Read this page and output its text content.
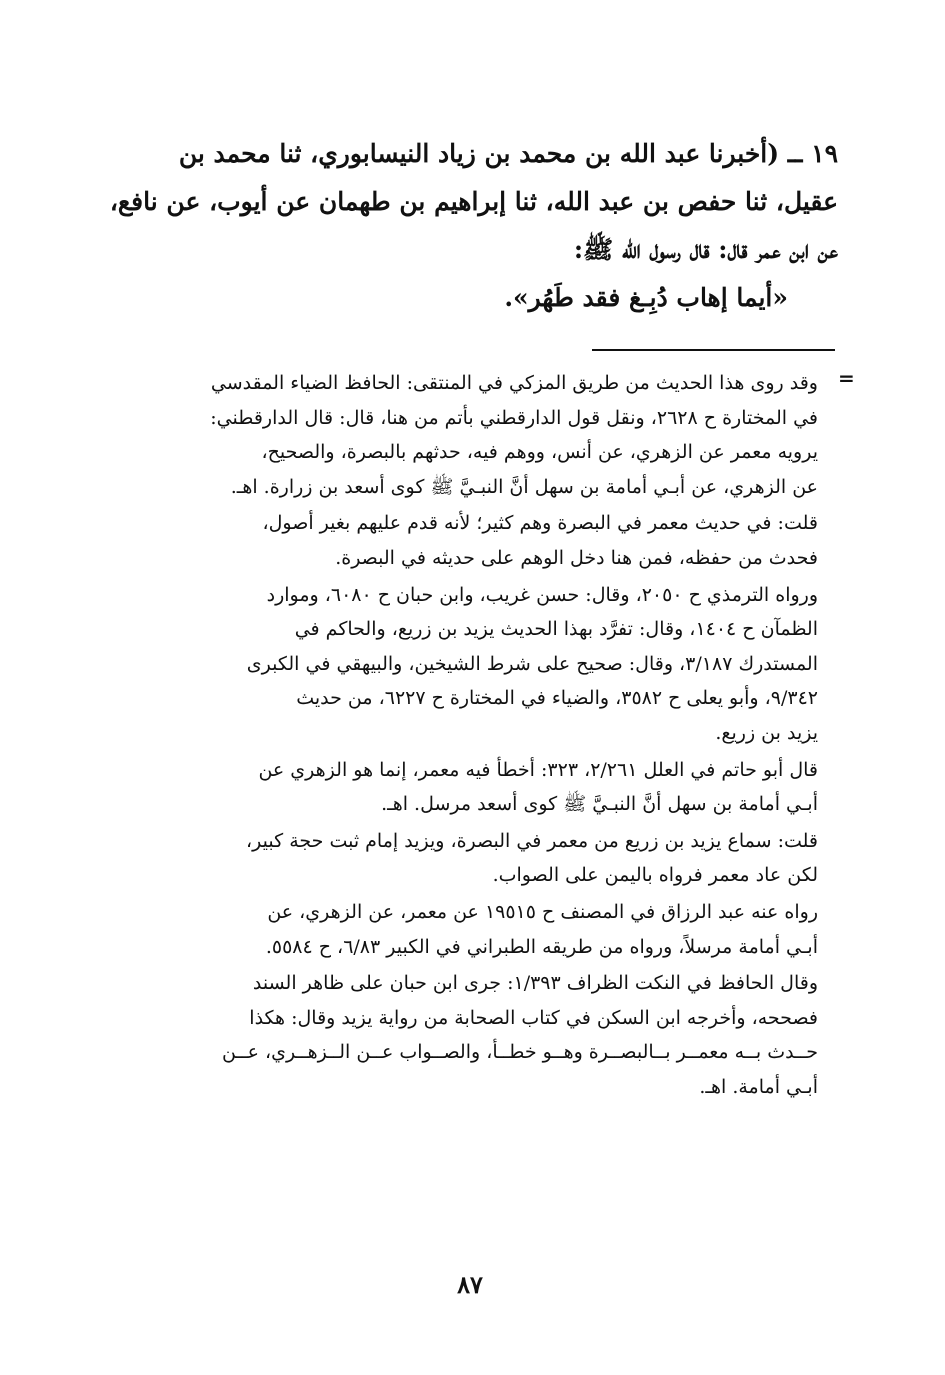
١٩ ــ (أخبرنا عبد الله بن محمد بن زياد النيسابوري، ثنا محمد بن
عقيل، ثنا حفص بن عبد الله، ثنا إبراهيم بن طهمان عن أيوب، عن نافع،
عن ابن عمر قال: قال رسول الله ﷺ:
«أيما إهاب دُبِـغ فقد طَهُر».
=
وقد روى هذا الحديث من طريق المزكي في المنتقى: الحافظ الضياء المقدسي
في المختارة ح ٢٦٢٨، ونقل قول الدارقطني بأتم من هنا، قال: قال الدارقطني:
يرويه معمر عن الزهري، عن أنس، ووهم فيه، حدثهم بالبصرة، والصحيح،
عن الزهري، عن أبـي أمامة بن سهل أنَّ النبـيَّ ﷺ كوى أسعد بن زرارة. اهـ.
قلت: في حديث معمر في البصرة وهم كثير؛ لأنه قدم عليهم بغير أصول،
فحدث من حفظه، فمن هنا دخل الوهم على حديثه في البصرة.
ورواه الترمذي ح ٢٠٥٠، وقال: حسن غريب، وابن حبان ح ٦٠٨٠، وموارد
الظمآن ح ١٤٠٤، وقال: تفرَّد بهذا الحديث يزيد بن زريع، والحاكم في
المستدرك ٣/١٨٧، وقال: صحيح على شرط الشيخين، والبيهقي في الكبرى
٩/٣٤٢، وأبو يعلى ح ٣٥٨٢، والضياء في المختارة ح ٦٢٢٧، من حديث
يزيد بن زريع.
قال أبو حاتم في العلل ٢/٢٦١، ٣٢٣: أخطأ فيه معمر، إنما هو الزهري عن
أبـي أمامة بن سهل أنَّ النبـيَّ ﷺ كوى أسعد مرسل. اهـ.
قلت: سماع يزيد بن زريع من معمر في البصرة، ويزيد إمام ثبت حجة كبير،
لكن عاد معمر فرواه باليمن على الصواب.
رواه عنه عبد الرزاق في المصنف ح ١٩٥١٥ عن معمر، عن الزهري، عن
أبـي أمامة مرسلاً، ورواه من طريقه الطبراني في الكبير ٦/٨٣، ح ٥٥٨٤.
وقال الحافظ في النكت الظراف ١/٣٩٣: جرى ابن حبان على ظاهر السند
فصححه، وأخرجه ابن السكن في كتاب الصحابة من رواية يزيد وقال: هكذا
حــدث بــه معمــر بــالبصــرة وهــو خطــأ، والصــواب عــن الــزهــري، عــن
أبـي أمامة. اهـ.
٨٧
